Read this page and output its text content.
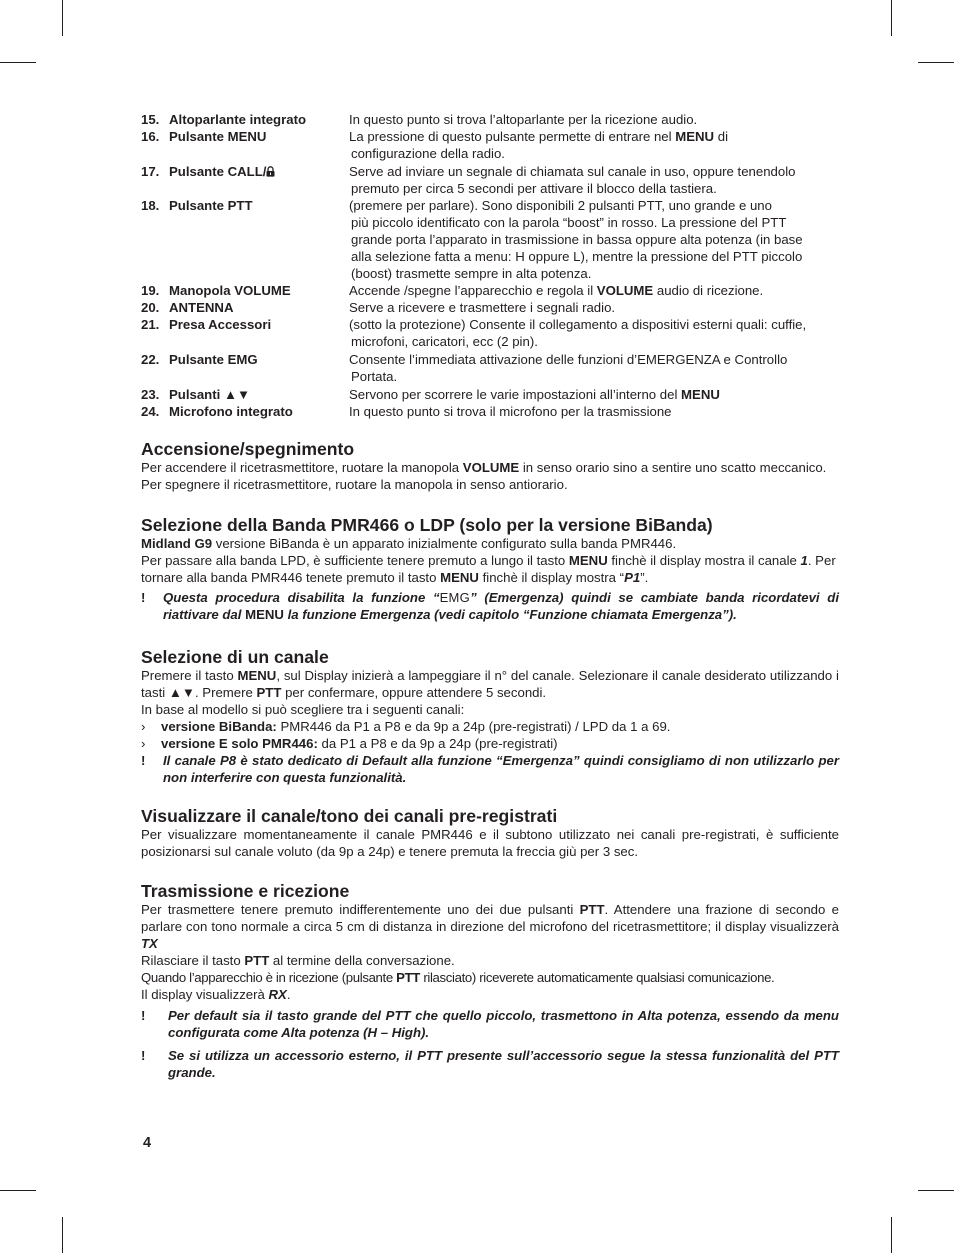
15. Altoparlante integrato	In questo punto si trova l’altoparlante per la ricezione audio.
16. Pulsante MENU	La pressione di questo pulsante permette di entrare nel MENU di
configurazione della radio.
17. Pulsante CALL/	Serve ad inviare un segnale di chiamata sul canale in uso, oppure tenendolo
premuto per circa 5 secondi per attivare il blocco della tastiera.
18. Pulsante PTT	(premere per parlare). Sono disponibili 2 pulsanti PTT, uno grande e uno
più piccolo identificato con la parola “boost” in rosso. La pressione del PTT
grande porta l’apparato in trasmissione in bassa oppure alta potenza (in base
alla selezione fatta a menu: H oppure L), mentre la pressione del PTT piccolo
(boost) trasmette sempre in alta potenza.
19. Manopola VOLUME	Accende /spegne l’apparecchio e regola il VOLUME audio di ricezione.
20. ANTENNA	Serve a ricevere e trasmettere i segnali radio.
21. Presa Accessori	(sotto la protezione) Consente il collegamento a dispositivi esterni quali: cuffie,
microfoni, caricatori, ecc (2 pin).
22. Pulsante EMG	Consente l’immediata attivazione delle funzioni d’EMERGENZA e Controllo
Portata.
23. Pulsanti ▲▼	Servono per scorrere le varie impostazioni all’interno del MENU
24. Microfono integrato	In questo punto si trova il microfono per la trasmissione
Accensione/spegnimento

Per accendere il ricetrasmettitore, ruotare la manopola VOLUME in senso orario sino a sentire uno scatto meccanico.

Per spegnere il ricetrasmettitore, ruotare la manopola in senso antiorario.

Selezione della Banda PMR466 o LDP (solo per la versione BiBanda)

Midland G9 versione BiBanda è un apparato inizialmente configurato sulla banda PMR446.

Per passare alla banda LPD, è sufficiente tenere premuto a lungo il tasto MENU finchè il display mostra il canale 1. Per tornare alla banda PMR446 tenete premuto il tasto MENU finchè il display mostra “P1”.

! Questa procedura disabilita la funzione “EMG” (Emergenza) quindi se cambiate banda ricordatevi di riattivare dal MENU la funzione Emergenza (vedi capitolo “Funzione chiamata Emergenza”).
Selezione di un canale

Premere il tasto MENU, sul Display inizierà a lampeggiare il n° del canale. Selezionare il canale desiderato utilizzando i tasti ▲▼. Premere PTT per confermare, oppure attendere 5 secondi.

In base al modello si può scegliere tra i seguenti canali:

› versione BiBanda: PMR446 da P1 a P8 e da 9p a 24p (pre-registrati) / LPD da 1 a 69.
› versione E solo PMR446: da P1 a P8 e da 9p a 24p (pre-registrati)
! Il canale P8 è stato dedicato di Default alla funzione “Emergenza” quindi consigliamo di non utilizzarlo per non interferire con questa funzionalità.
Visualizzare il canale/tono dei canali pre-registrati

Per visualizzare momentaneamente il canale PMR446 e il subtono utilizzato nei canali pre-registrati, è sufficiente posizionarsi sul canale voluto (da 9p a 24p) e tenere premuta la freccia giù per 3 sec.

Trasmissione e ricezione

Per trasmettere tenere premuto indifferentemente uno dei due pulsanti PTT. Attendere una frazione di secondo e parlare con tono normale a circa 5 cm di distanza in direzione del microfono del ricetrasmettitore; il display visualizzerà TX

Rilasciare il tasto PTT al termine della conversazione.

Quando l’apparecchio è in ricezione (pulsante PTT rilasciato) riceverete automaticamente qualsiasi comunicazione.

Il display visualizzerà RX.

! Per default sia il tasto grande del PTT che quello piccolo, trasmettono in Alta potenza, essendo da menu configurata come Alta potenza (H – High).
! Se si utilizza un accessorio esterno, il PTT presente sull’accessorio segue la stessa funzionalità del PTT grande.
4
